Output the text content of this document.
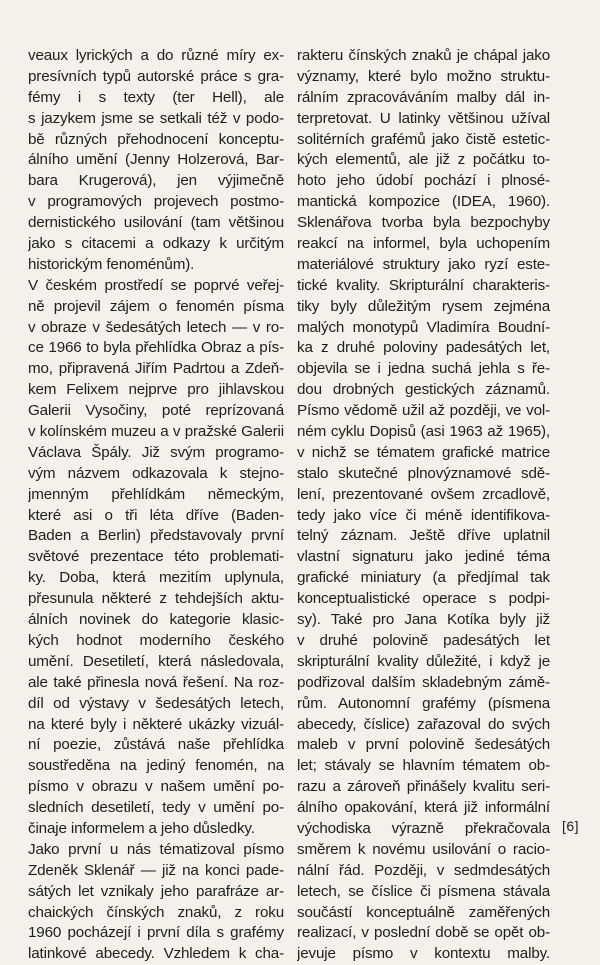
veaux lyrických a do různé míry ex-
presívních typů autorské práce s gra-
fémy i s texty (ter Hell), ale
s jazykem jsme se setkali též v podo-
bě různých přehodnocení konceptu-
álního umění (Jenny Holzerová, Bar-
bara Krugerová), jen výjimečně
v programových projevech postmo-
dernistického usilování (tam většinou
jako s citacemi a odkazy k určitým
historickým fenoménům).
V českém prostředí se poprvé veřej-
ně projevil zájem o fenomén písma
v obraze v šedesátých letech — v ro-
ce 1966 to byla přehlídka Obraz a pís-
mo, připravená Jiřím Padrtou a Zdeň-
kem Felixem nejprve pro jihlavskou
Galerii Vysočiny, poté reprízovaná
v kolínském muzeu a v pražské Galerii
Václava Špály. Již svým programo-
vým názvem odkazovala k stejno-
jmenným přehlídkám německým,
které asi o tři léta dříve (Baden-
Baden a Berlin) představovaly první
světové prezentace této problemati-
ky. Doba, která mezitím uplynula,
přesunula některé z tehdejších aktu-
álních novinek do kategorie klasic-
kých hodnot moderního českého
umění. Desetiletí, která následovala,
ale také přinesla nová řešení. Na roz-
díl od výstavy v šedesátých letech,
na které byly i některé ukázky vizuál-
ní poezie, zůstává naše přehlídka
soustředěna na jediný fenomén, na
písmo v obrazu v našem umění po-
sledních desetiletí, tedy v umění po-
činaje informelem a jeho důsledky.
Jako první u nás tématizoval písmo
Zdeněk Sklenář — již na konci pade-
sátých let vznikaly jeho parafráze ar-
chaických čínských znaků, z roku
1960 pocházejí i první díla s grafémy
latinkové abecedy. Vzhledem k cha-
rakteru čínských znaků je chápal jako
významy, které bylo možno struktu-
rálním zpracováváním malby dál in-
terpretovat. U latinky většinou užíval
solitérních grafémů jako čistě estetic-
kých elementů, ale již z počátku to-
hoto jeho údobí pochází i plnosé-
mantická kompozice (IDEA, 1960).
Sklenářova tvorba byla bezpochyby
reakcí na informel, byla uchopením
materiálové struktury jako ryzí este-
tické kvality. Skripturální charakteris-
tiky byly důležitým rysem zejména
malých monotypů Vladimíra Boudní-
ka z druhé poloviny padesátých let,
objevila se i jedna suchá jehla s ře-
dou drobných gestických záznamů.
Písmo vědomě užil až později, ve vol-
ném cyklu Dopisů (asi 1963 až 1965),
v nichž se tématem grafické matrice
stalo skutečné plnovýznamové sdě-
lení, prezentované ovšem zrcadlově,
tedy jako více či méně identifikova-
telný záznam. Ještě dříve uplatnil
vlastní signaturu jako jediné téma
grafické miniatury (a předjímal tak
konceptualistické operace s podpi-
sy). Také pro Jana Kotíka byly již
v druhé polovině padesátých let
skripturální kvality důležité, i když je
podřizoval dalším skladebným zámě-
rům. Autonomní grafémy (písmena
abecedy, číslice) zařazoval do svých
maleb v první polovině šedesátých
let; stávaly se hlavním tématem ob-
razu a zároveň přinášely kvalitu seri-
álního opakování, která již informální
východiska výrazně překračovala
směrem k novému usilování o racio-
nální řád. Později, v sedmdesátých
letech, se číslice či písmena stávala
součástí konceptuálně zaměřených
realizací, v poslední době se opět ob-
jevuje písmo v kontextu malby.
[6]
